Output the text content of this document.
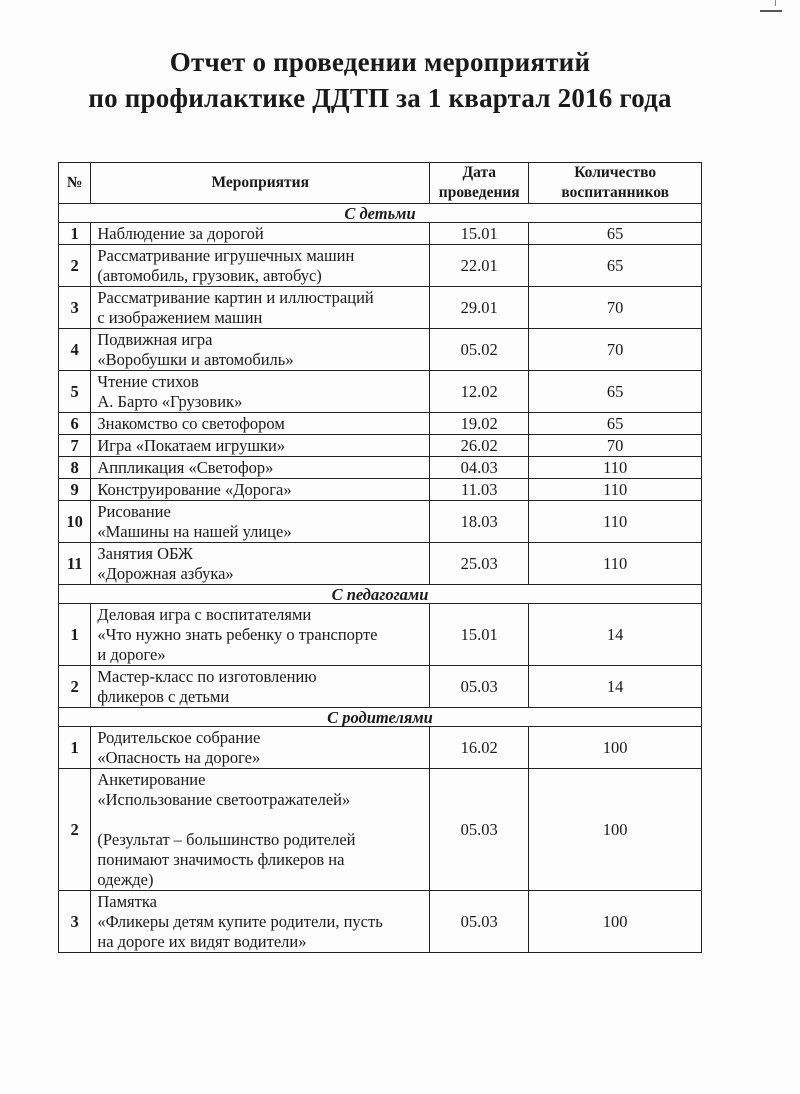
Отчет о проведении мероприятий
по профилактике ДДТП за 1 квартал 2016 года
№	Мероприятия	Дата проведения	Количество воспитанников
С детьми			
1	Наблюдение за дорогой	15.01	65
2	Рассматривание игрушечных машин
(автомобиль, грузовик, автобус)	22.01	65
3	Рассматривание картин и иллюстраций
с изображением машин	29.01	70
4	Подвижная игра
«Воробушки и автомобиль»	05.02	70
5	Чтение стихов
А. Барто «Грузовик»	12.02	65
6	Знакомство со светофором	19.02	65
7	Игра «Покатаем игрушки»	26.02	70
8	Аппликация «Светофор»	04.03	110
9	Конструирование «Дорога»	11.03	110
10	Рисование
«Машины на нашей улице»	18.03	110
11	Занятия ОБЖ
«Дорожная азбука»	25.03	110
С педагогами			
1	Деловая игра с воспитателями
«Что нужно знать ребенку о транспорте
и дороге»	15.01	14
2	Мастер-класс по изготовлению
фликеров с детьми	05.03	14
С родителями			
1	Родительское собрание
«Опасность на дороге»	16.02	100
2	Анкетирование
«Использование светоотражателей»
(Результат – большинство родителей
понимают значимость фликеров на
одежде)	05.03	100
3	Памятка
«Фликеры детям купите родители, пусть
на дороге их видят водители»	05.03	100
